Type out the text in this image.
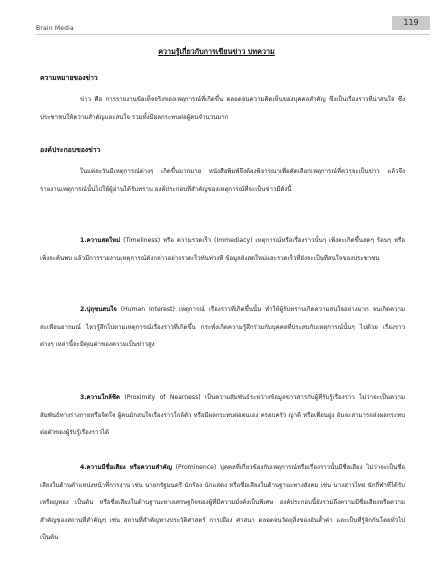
119
Brain Media
ความรู้เกี่ยวกับการเขียนข่าว บทความ
ความหมายของข่าว
ข่าว คือ การรายงานข้อเท็จจริงของเหตุการณ์ที่เกิดขึ้น ตลอดจนความคิดเห็นของบุคคลสำคัญ ซึ่งเป็นเรื่องราวที่น่าสนใจ ซึ่งประชาชนให้ความสำคัญและสนใจ รวมทั้งมีผลกระทบต่อผู้คนจำนวนมาก
องค์ประกอบของข่าว
ในแต่ละวันมีเหตุการณ์ต่างๆ เกิดขึ้นมากมาย หนังสือพิมพ์จึงต้องพิจารณาเพื่อคัดเลือกเหตุการณ์ที่ควรจะเป็นข่าว แล้วจึงรายงานเหตุการณ์นั้นไปให้ผู้อ่านได้รับทราบ องค์ประกอบที่สำคัญของเหตุการณ์ที่จะเป็นข่าวมีดังนี้
1.ความสดใหม่ (Timeliness) หรือ ความรวดเร็ว (Immediacy) เหตุการณ์หรือเรื่องราวนั้นๆ เพิ่งจะเกิดขึ้นสดๆ ร้อนๆ หรือเพิ่งจะค้นพบ แล้วมีการรายงานเหตุการณ์ดังกล่าวอย่างรวดเร็วทันท่วงที ข้อมูลยังสดใหม่และรวดเร็วที่ยังจะเป็นที่สนใจของประชาชน
2.ปุถุชนสนใจ (Human Interest) เหตุการณ์ เรื่องราวที่เกิดขึ้นนั้น ทำให้ผู้รับทราบเกิดความสนใจอย่างมาก จนเกิดความสะเทือนอารมณ์ ไหวรู้สึกไปตามเหตุการณ์เรื่องราวที่เกิดขึ้น กระทั่งเกิดความรู้สึกร่วมกับบุคคลที่ประสบกับเหตุการณ์นั้นๆ ไปด้วย เรื่องราวต่างๆ เหล่านี้จะมีคุณค่าของความเป็นข่าวสูง
3.ความใกล้ชิด (Proximity of Nearness) เป็นความสัมพันธ์ระหว่างข้อมูลข่าวสารกับผู้ที่รับรู้เรื่องราว ไม่ว่าจะเป็นความสัมพันธ์ทางร่างกายหรือจิตใจ ผู้คนมักสนใจเรื่องราวใกล้ตัว หรือมีผลกระทบต่อตนเอง ครอบครัว ญาติ หรือเพื่อนฝูง อันจะสามารถส่งผลกระทบต่อตัวของผู้รับรู้เรื่องราวได้
4.ความมีชื่อเสียง หรือความสำคัญ (Prominence) บุคคลที่เกี่ยวข้องกับเหตุการณ์หรือเรื่องราวนั้นมีชื่อเสียง ไม่ว่าจะเป็นชื่อเสียงในด้านตำแหน่งหน้าที่การงาน เช่น นายกรัฐมนตรี นักร้อง นักแสดง หรือชื่อเสียงในด้านฐานะทางสังคม เช่น นางสาวไทย นักกีฬาที่ได้รับเหรียญทอง เป็นต้น หรือชื่อเสียงในด้านฐานะทางเศรษฐกิจของผู้ที่มีความมั่งคั่งเป็นพิเศษ องค์ประกอบนี้ยังรวมถึงความมีชื่อเสียงหรือความสำคัญของสถานที่สำคัญๆ เช่น สถานที่สำคัญทางประวัติศาสตร์ การเมือง ศาสนา ตลอดจนวัตถุสิ่งของอันล้ำค่า และเป็นที่รู้จักกันโดยทั่วไป เป็นต้น
